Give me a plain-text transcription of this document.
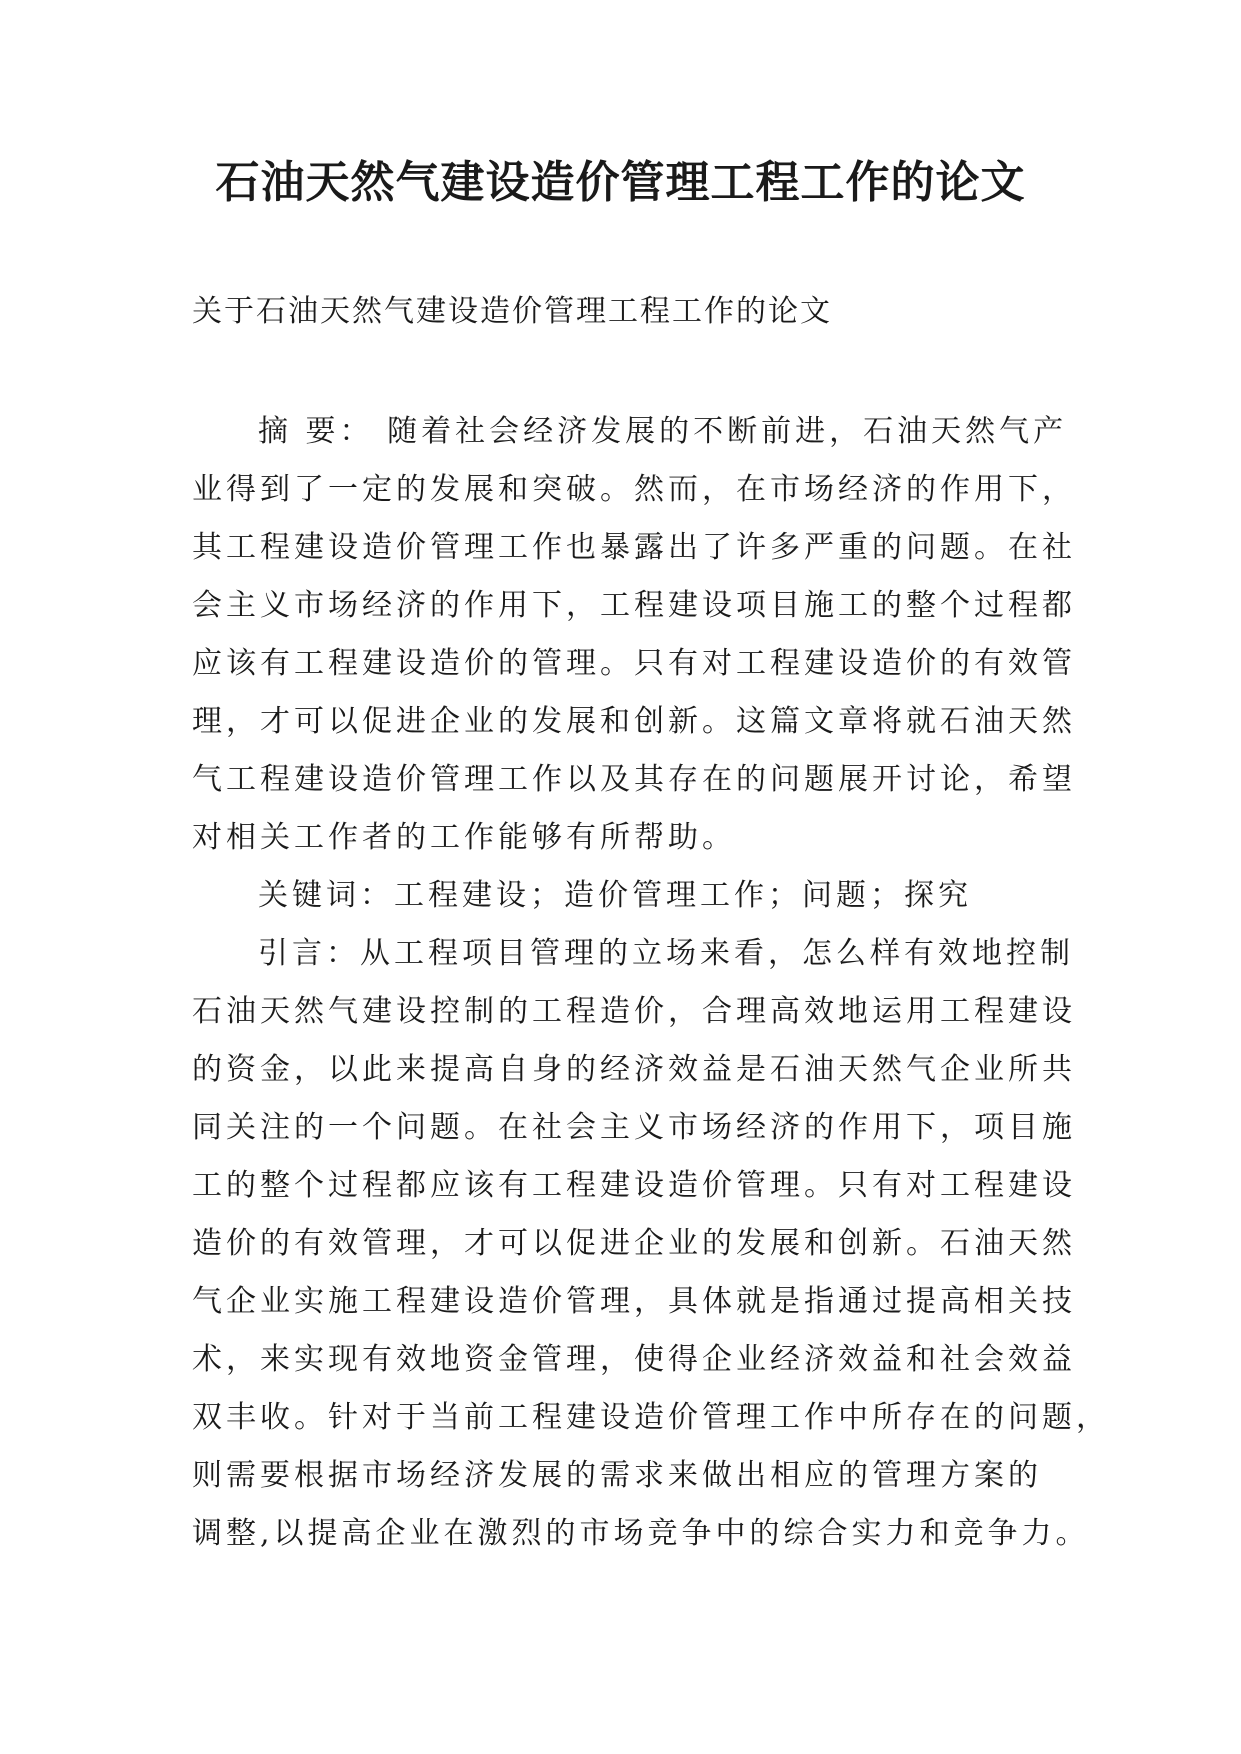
石油天然气建设造价管理工程工作的论文
关于石油天然气建设造价管理工程工作的论文
摘 要： 随着社会经济发展的不断前进，石油天然气产
业得到了一定的发展和突破。然而，在市场经济的作用下，
其工程建设造价管理工作也暴露出了许多严重的问题。在社
会主义市场经济的作用下，工程建设项目施工的整个过程都
应该有工程建设造价的管理。只有对工程建设造价的有效管
理，才可以促进企业的发展和创新。这篇文章将就石油天然
气工程建设造价管理工作以及其存在的问题展开讨论，希望
对相关工作者的工作能够有所帮助。
关键词：工程建设；造价管理工作；问题；探究
引言：从工程项目管理的立场来看，怎么样有效地控制
石油天然气建设控制的工程造价，合理高效地运用工程建设
的资金，以此来提高自身的经济效益是石油天然气企业所共
同关注的一个问题。在社会主义市场经济的作用下，项目施
工的整个过程都应该有工程建设造价管理。只有对工程建设
造价的有效管理，才可以促进企业的发展和创新。石油天然
气企业实施工程建设造价管理，具体就是指通过提高相关技
术，来实现有效地资金管理，使得企业经济效益和社会效益
双丰收。针对于当前工程建设造价管理工作中所存在的问题，
则需要根据市场经济发展的需求来做出相应的管理方案的
调整,以提高企业在激烈的市场竞争中的综合实力和竞争力。
